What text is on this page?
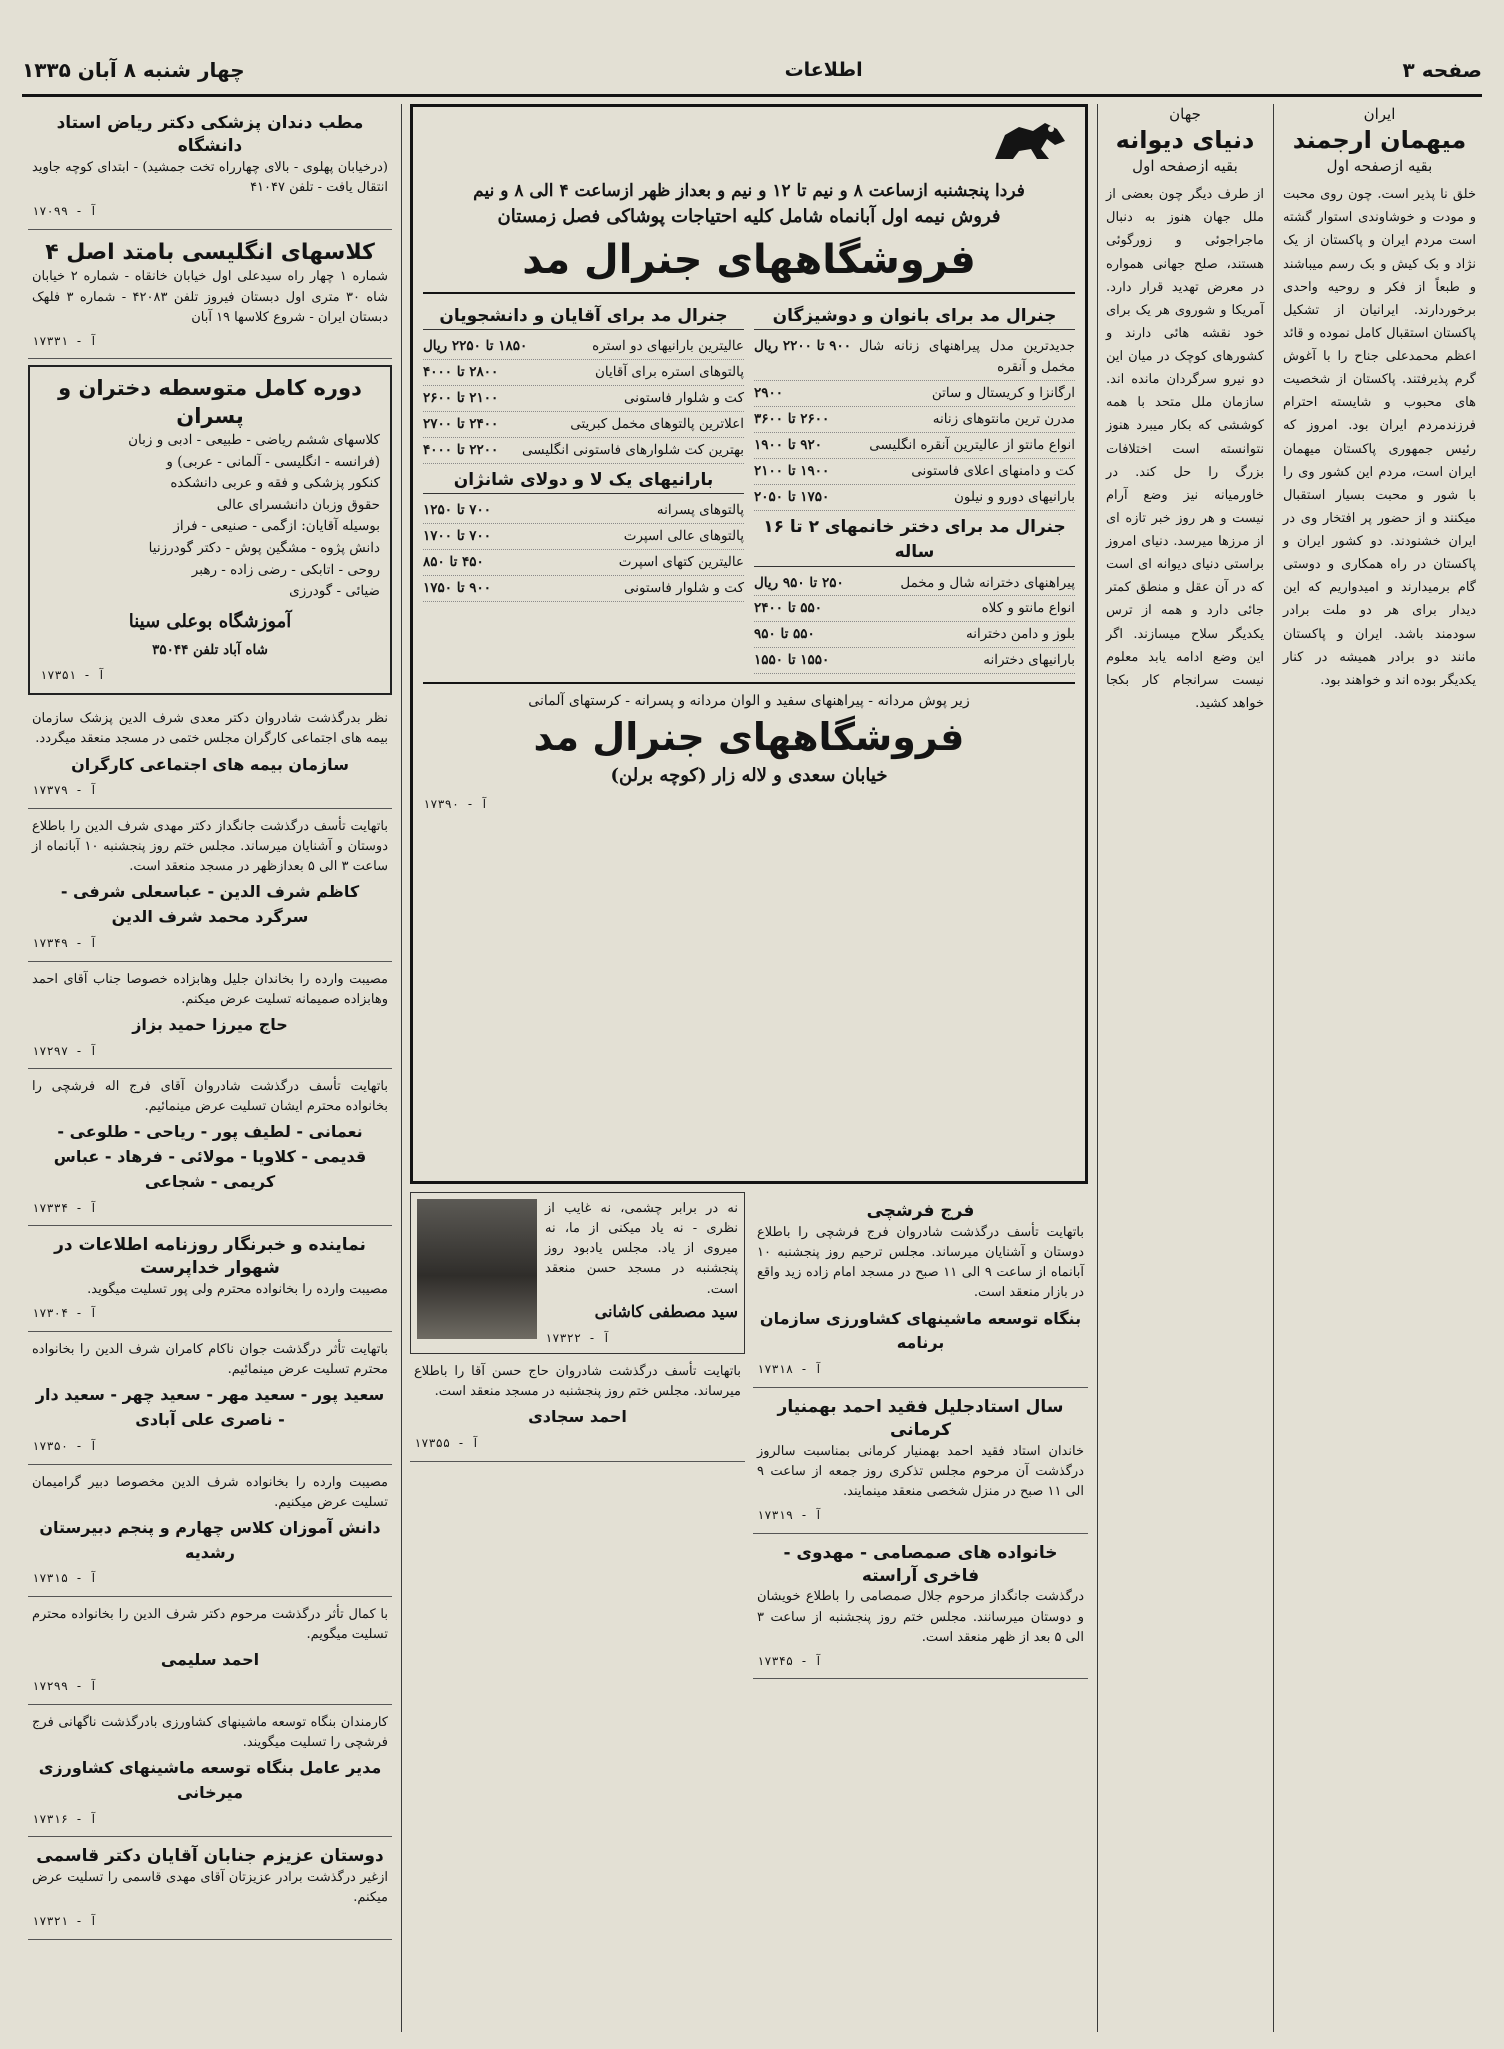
صفحه ۳
اطلاعات
چهار شنبه ۸ آبان ۱۳۳۵
ایران
میهمان ارجمند
بقیه ازصفحه اول

خلق نا پذیر است. چون روی محبت و مودت و خوشاوندی استوار گشته است مردم ایران و پاکستان از یک نژاد و بک کیش و بک رسم میباشند و طبعاً از فکر و روحیه واحدی برخوردارند. ایرانیان از تشکیل پاکستان استقبال کامل نموده و قائد اعظم محمدعلی جناح را با آغوش گرم پذیرفتند. پاکستان از شخصیت های محبوب و شایسته احترام فرزندمردم ایران بود. امروز که رئیس جمهوری پاکستان میهمان ایران است، مردم این کشور وی را با شور و محبت بسیار استقبال میکنند و از حضور پر افتخار وی در ایران خشنودند. دو کشور ایران و پاکستان در راه همکاری و دوستی گام برمیدارند و امیدواریم که این دیدار برای هر دو ملت برادر سودمند باشد. ایران و پاکستان مانند دو برادر همیشه در کنار یکدیگر بوده اند و خواهند بود.

جهان
دنیای دیوانه
بقیه ازصفحه اول

از طرف دیگر چون بعضی از ملل جهان هنوز به دنبال ماجراجوئی و زورگوئی هستند، صلح جهانی همواره در معرض تهدید قرار دارد. آمریکا و شوروی هر یک برای خود نقشه هائی دارند و کشورهای کوچک در میان این دو نیرو سرگردان مانده اند. سازمان ملل متحد با همه کوششی که بکار میبرد هنوز نتوانسته است اختلافات بزرگ را حل کند. در خاورمیانه نیز وضع آرام نیست و هر روز خبر تازه ای از مرزها میرسد. دنیای امروز براستی دنیای دیوانه ای است که در آن عقل و منطق کمتر جائی دارد و همه از ترس یکدیگر سلاح میسازند. اگر این وضع ادامه یابد معلوم نیست سرانجام کار بکجا خواهد کشید.

فردا پنجشنبه ازساعت ۸ و نیم تا ۱۲ و نیم و بعداز ظهر ازساعت ۴ الی ۸ و نیم
فروش نیمه اول آبانماه شامل کلیه احتیاجات پوشاکی فصل زمستان
فروشگاههای جنرال مد
جنرال مد برای بانوان و دوشیزگان
جدیدترین مدل پیراهنهای زنانه شال مخمل و آنقره
۹۰۰ تا ۲۲۰۰ ریال
ارگانزا و کریستال و ساتن
۲۹۰۰
مدرن ترین مانتوهای زنانه
۲۶۰۰ تا ۳۶۰۰
انواع مانتو از عالیترین آنقره انگلیسی
۹۲۰ تا ۱۹۰۰
کت و دامنهای اعلای فاستونی
۱۹۰۰ تا ۲۱۰۰
بارانیهای دورو و نیلون
۱۷۵۰ تا ۲۰۵۰
جنرال مد برای دختر خانمهای ۲ تا ۱۶ ساله
پیراهنهای دخترانه شال و مخمل
۲۵۰ تا ۹۵۰ ریال
انواع مانتو و کلاه
۵۵۰ تا ۲۴۰۰
بلوز و دامن دخترانه
۵۵۰ تا ۹۵۰
بارانیهای دخترانه
۱۵۵۰ تا ۱۵۵۰
جنرال مد برای آقایان و دانشجویان
عالیترین بارانیهای دو استره
۱۸۵۰ تا ۲۲۵۰ ریال
پالتوهای استره برای آقایان
۲۸۰۰ تا ۴۰۰۰
کت و شلوار فاستونی
۲۱۰۰ تا ۲۶۰۰
اعلاترین پالتوهای مخمل کبریتی
۲۴۰۰ تا ۲۷۰۰
بهترین کت شلوارهای فاستونی انگلیسی
۲۲۰۰ تا ۴۰۰۰
بارانیهای یک لا و دولای شانژان
پالتوهای پسرانه
۷۰۰ تا ۱۲۵۰
پالتوهای عالی اسپرت
۷۰۰ تا ۱۷۰۰
عالیترین کتهای اسپرت
۴۵۰ تا ۸۵۰
کت و شلوار فاستونی
۹۰۰ تا ۱۷۵۰
زیر پوش مردانه - پیراهنهای سفید و الوان مردانه و پسرانه - کرستهای آلمانی
فروشگاههای جنرال مد
خیابان سعدی و لاله زار (کوچه برلن)
آ - ۱۷۳۹۰
فرج فرشچی
باتهایت تأسف درگذشت شادروان فرج فرشچی را باطلاع دوستان و آشنایان میرساند. مجلس ترحیم روز پنجشنبه ۱۰ آبانماه از ساعت ۹ الی ۱۱ صبح در مسجد امام زاده زید واقع در بازار منعقد است.
بنگاه توسعه ماشینهای کشاورزی سازمان برنامه
آ - ۱۷۳۱۸
سال استادجلیل فقید احمد بهمنیار کرمانی
خاندان استاد فقید احمد بهمنیار کرمانی بمناسبت سالروز درگذشت آن مرحوم مجلس تذکری روز جمعه از ساعت ۹ الی ۱۱ صبح در منزل شخصی منعقد مینمایند.
آ - ۱۷۳۱۹
خانواده های صمصامی - مهدوی - فاخری آراسته
درگذشت جانگداز مرحوم جلال صمصامی را باطلاع خویشان و دوستان میرسانند. مجلس ختم روز پنجشنبه از ساعت ۳ الی ۵ بعد از ظهر منعقد است.
آ - ۱۷۳۴۵
نه در برابر چشمی، نه غایب از نظری - نه یاد میکنی از ما، نه میروی از یاد. مجلس یادبود روز پنجشنبه در مسجد حسن منعقد است.
سید مصطفی کاشانی
آ - ۱۷۳۲۲
باتهایت تأسف درگذشت شادروان حاج حسن آقا را باطلاع میرساند. مجلس ختم روز پنجشنبه در مسجد منعقد است.
احمد سجادی
آ - ۱۷۳۵۵
مطب دندان پزشکی دکتر ریاض استاد دانشگاه
(درخیابان پهلوی - بالای چهارراه تخت جمشید) - ابتدای کوچه جاوید انتقال یافت - تلفن ۴۱۰۴۷
آ - ۱۷۰۹۹
کلاسهای انگلیسی بامتد اصل ۴
شماره ۱ چهار راه سیدعلی اول خیابان خانقاه - شماره ۲ خیابان شاه ۳۰ متری اول دبستان فیروز تلفن ۴۲۰۸۳ - شماره ۳ فلهک دبستان ایران - شروع کلاسها ۱۹ آبان
آ - ۱۷۳۳۱
دوره کامل متوسطه دختران و پسران
کلاسهای ششم ریاضی - طبیعی - ادبی و زبان
(فرانسه - انگلیسی - آلمانی - عربی) و
کنکور پزشکی و فقه و عربی دانشکده
حقوق وزبان دانشسرای عالی
بوسیله آقایان: ازگمی - صنیعی - فراز
دانش پژوه - مشگین پوش - دکتر گودرزنیا
روحی - اتابکی - رضی زاده - رهبر
ضیائی - گودرزی
آموزشگاه بوعلی سینا
شاه آباد تلفن ۳۵۰۴۴
آ - ۱۷۳۵۱
نظر بدرگذشت شادروان دکتر معدی شرف الدین پزشک سازمان بیمه های اجتماعی کارگران مجلس ختمی در مسجد منعقد میگردد.
سازمان بیمه های اجتماعی کارگران
آ - ۱۷۳۷۹
باتهایت تأسف درگذشت جانگداز دکتر مهدی شرف الدین را باطلاع دوستان و آشنایان میرساند. مجلس ختم روز پنجشنبه ۱۰ آبانماه از ساعت ۳ الی ۵ بعدازظهر در مسجد منعقد است.
کاظم شرف الدین - عباسعلی شرفی - سرگرد محمد شرف الدین
آ - ۱۷۳۴۹
مصیبت وارده را بخاندان جلیل وهابزاده خصوصا جناب آقای احمد وهابزاده صمیمانه تسلیت عرض میکنم.
حاج میرزا حمید بزاز
آ - ۱۷۲۹۷
باتهایت تأسف درگذشت شادروان آقای فرج اله فرشچی را بخانواده محترم ایشان تسلیت عرض مینمائیم.
نعمانی - لطیف پور - ریاحی - طلوعی - قدیمی - کلاویا - مولائی - فرهاد - عباس کریمی - شجاعی
آ - ۱۷۳۳۴
نماینده و خبرنگار روزنامه اطلاعات در شهوار خداپرست
مصیبت وارده را بخانواده محترم ولی پور تسلیت میگوید.
آ - ۱۷۳۰۴
باتهایت تأثر درگذشت جوان ناکام کامران شرف الدین را بخانواده محترم تسلیت عرض مینمائیم.
سعید پور - سعید مهر - سعید چهر - سعید دار - ناصری علی آبادی
آ - ۱۷۳۵۰
مصیبت وارده را بخانواده شرف الدین مخصوصا دبیر گرامیمان تسلیت عرض میکنیم.
دانش آموزان کلاس چهارم و پنجم دبیرستان رشدیه
آ - ۱۷۳۱۵
با کمال تأثر درگذشت مرحوم دکتر شرف الدین را بخانواده محترم تسلیت میگویم.
احمد سلیمی
آ - ۱۷۲۹۹
کارمندان بنگاه توسعه ماشینهای کشاورزی بادرگذشت ناگهانی فرج فرشچی را تسلیت میگویند.
مدیر عامل بنگاه توسعه ماشینهای کشاورزی میرخانی
آ - ۱۷۳۱۶
دوستان عزیزم جنابان آقایان دکتر قاسمی
ازغیر درگذشت برادر عزیزتان آقای مهدی قاسمی را تسلیت عرض میکنم.
آ - ۱۷۳۲۱
